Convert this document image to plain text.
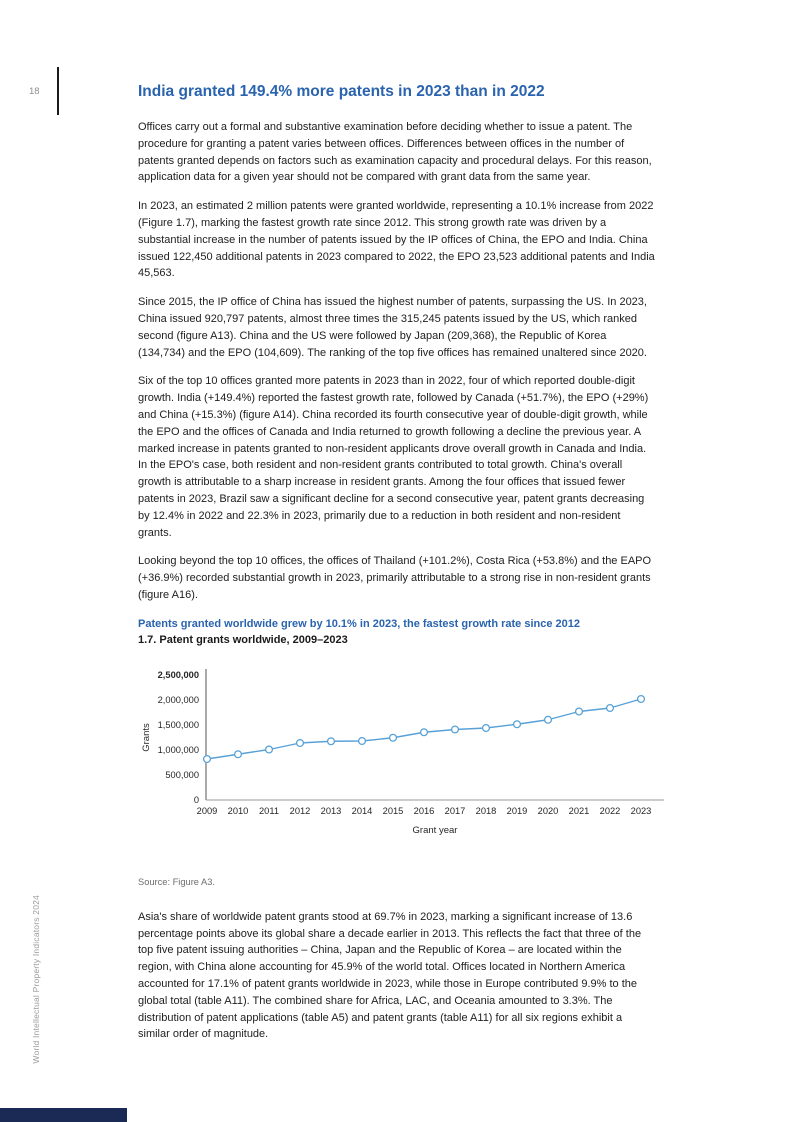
18
World Intellectual Property Indicators 2024
India granted 149.4% more patents in 2023 than in 2022

Offices carry out a formal and substantive examination before deciding whether to issue a patent. The procedure for granting a patent varies between offices. Differences between offices in the number of patents granted depends on factors such as examination capacity and procedural delays. For this reason, application data for a given year should not be compared with grant data from the same year.

In 2023, an estimated 2 million patents were granted worldwide, representing a 10.1% increase from 2022 (Figure 1.7), marking the fastest growth rate since 2012. This strong growth rate was driven by a substantial increase in the number of patents issued by the IP offices of China, the EPO and India. China issued 122,450 additional patents in 2023 compared to 2022, the EPO 23,523 additional patents and India 45,563.

Since 2015, the IP office of China has issued the highest number of patents, surpassing the US. In 2023, China issued 920,797 patents, almost three times the 315,245 patents issued by the US, which ranked second (figure A13). China and the US were followed by Japan (209,368), the Republic of Korea (134,734) and the EPO (104,609). The ranking of the top five offices has remained unaltered since 2020.

Six of the top 10 offices granted more patents in 2023 than in 2022, four of which reported double-digit growth. India (+149.4%) reported the fastest growth rate, followed by Canada (+51.7%), the EPO (+29%) and China (+15.3%) (figure A14). China recorded its fourth consecutive year of double-digit growth, while the EPO and the offices of Canada and India returned to growth following a decline the previous year. A marked increase in patents granted to non-resident applicants drove overall growth in Canada and India. In the EPO's case, both resident and non-resident grants contributed to total growth. China's overall growth is attributable to a sharp increase in resident grants. Among the four offices that issued fewer patents in 2023, Brazil saw a significant decline for a second consecutive year, patent grants decreasing by 12.4% in 2022 and 22.3% in 2023, primarily due to a reduction in both resident and non-resident grants.

Looking beyond the top 10 offices, the offices of Thailand (+101.2%), Costa Rica (+53.8%) and the EAPO (+36.9%) recorded substantial growth in 2023, primarily attributable to a strong rise in non-resident grants (figure A16).

Patents granted worldwide grew by 10.1% in 2023, the fastest growth rate since 2012

1.7. Patent grants worldwide, 2009–2023

0
500,000
1,000,000
1,500,000
2,000,000
2,500,000
2009 2010 2011 2012 2013 2014 2015 2016 2017 2018 2019 2020 2021 2022 2023
Grant year
Grants

Source: Figure A3.

Asia's share of worldwide patent grants stood at 69.7% in 2023, marking a significant increase of 13.6 percentage points above its global share a decade earlier in 2013. This reflects the fact that three of the top five patent issuing authorities – China, Japan and the Republic of Korea – are located within the region, with China alone accounting for 45.9% of the world total. Offices located in Northern America accounted for 17.1% of patent grants worldwide in 2023, while those in Europe contributed 9.9% to the global total (table A11). The combined share for Africa, LAC, and Oceania amounted to 3.3%. The distribution of patent applications (table A5) and patent grants (table A11) for all six regions exhibit a similar order of magnitude.
